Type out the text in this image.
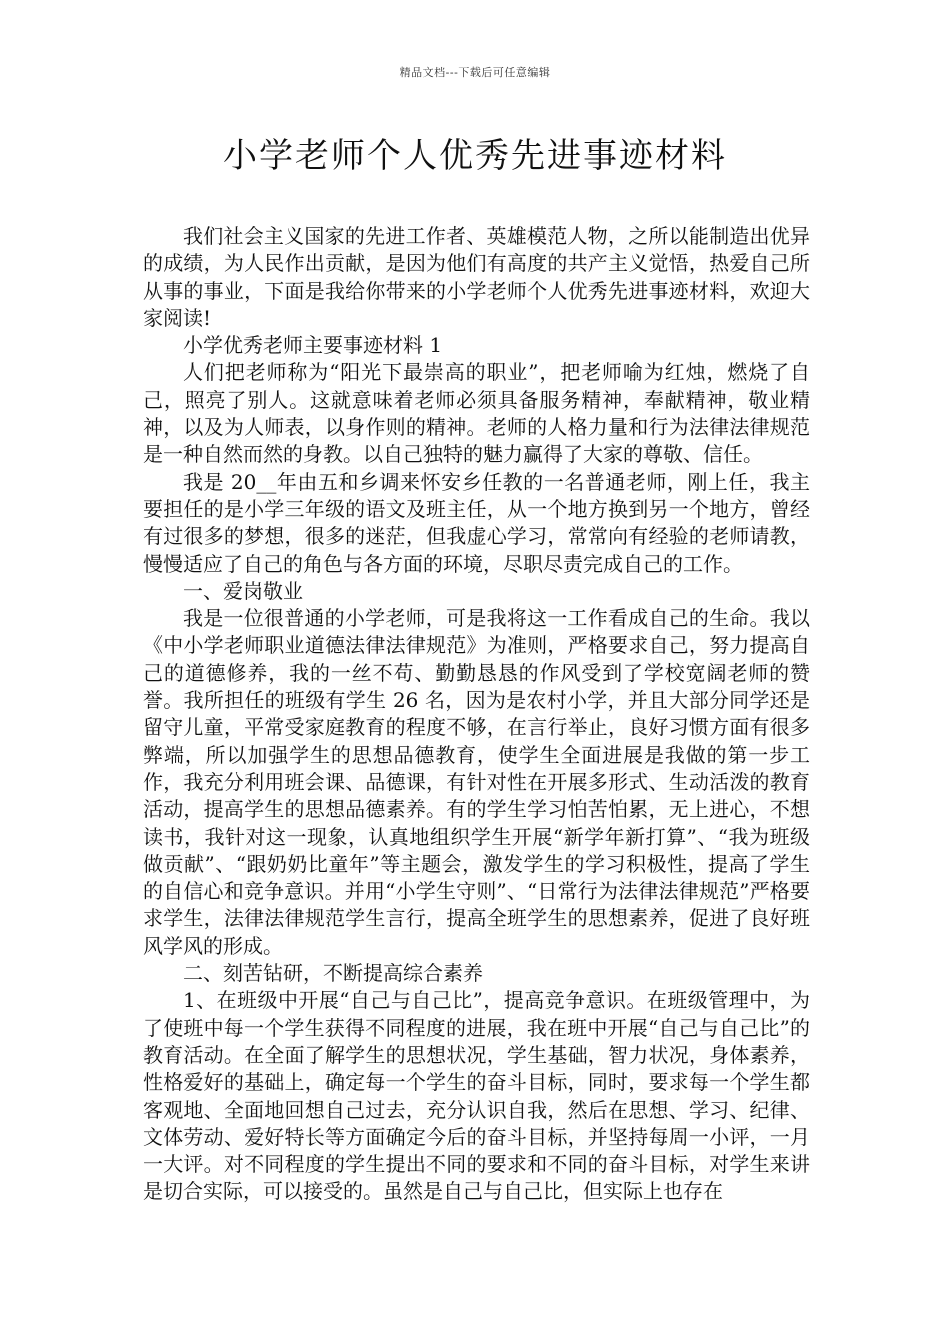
精品文档---下载后可任意编辑
小学老师个人优秀先进事迹材料

我们社会主义国家的先进工作者、英雄模范人物，之所以能制造出优异的成绩，为人民作出贡献，是因为他们有高度的共产主义觉悟，热爱自己所从事的事业，下面是我给你带来的小学老师个人优秀先进事迹材料，欢迎大家阅读!

小学优秀老师主要事迹材料 1

人们把老师称为“阳光下最崇高的职业”，把老师喻为红烛，燃烧了自己，照亮了别人。这就意味着老师必须具备服务精神，奉献精神，敬业精神，以及为人师表，以身作则的精神。老师的人格力量和行为法律法律规范是一种自然而然的身教。以自己独特的魅力赢得了大家的尊敬、信任。

我是 20__年由五和乡调来怀安乡任教的一名普通老师，刚上任，我主要担任的是小学三年级的语文及班主任，从一个地方换到另一个地方，曾经有过很多的梦想，很多的迷茫，但我虚心学习，常常向有经验的老师请教，慢慢适应了自己的角色与各方面的环境，尽职尽责完成自己的工作。

一、爱岗敬业

我是一位很普通的小学老师，可是我将这一工作看成自己的生命。我以《中小学老师职业道德法律法律规范》为准则，严格要求自己，努力提高自己的道德修养，我的一丝不苟、勤勤恳恳的作风受到了学校宽阔老师的赞誉。我所担任的班级有学生 26 名，因为是农村小学，并且大部分同学还是留守儿童，平常受家庭教育的程度不够，在言行举止，良好习惯方面有很多弊端，所以加强学生的思想品德教育，使学生全面进展是我做的第一步工作，我充分利用班会课、品德课，有针对性在开展多形式、生动活泼的教育活动，提高学生的思想品德素养。有的学生学习怕苦怕累，无上进心，不想读书，我针对这一现象，认真地组织学生开展“新学年新打算”、“我为班级做贡献”、“跟奶奶比童年”等主题会，激发学生的学习积极性，提高了学生的自信心和竞争意识。并用“小学生守则”、“日常行为法律法律规范”严格要求学生，法律法律规范学生言行，提高全班学生的思想素养，促进了良好班风学风的形成。

二、刻苦钻研，不断提高综合素养

1、在班级中开展“自己与自己比”，提高竞争意识。在班级管理中，为了使班中每一个学生获得不同程度的进展，我在班中开展“自己与自己比”的教育活动。在全面了解学生的思想状况，学生基础，智力状况，身体素养，性格爱好的基础上，确定每一个学生的奋斗目标，同时，要求每一个学生都客观地、全面地回想自己过去，充分认识自我，然后在思想、学习、纪律、文体劳动、爱好特长等方面确定今后的奋斗目标，并坚持每周一小评，一月一大评。对不同程度的学生提出不同的要求和不同的奋斗目标，对学生来讲是切合实际，可以接受的。虽然是自己与自己比，但实际上也存在
